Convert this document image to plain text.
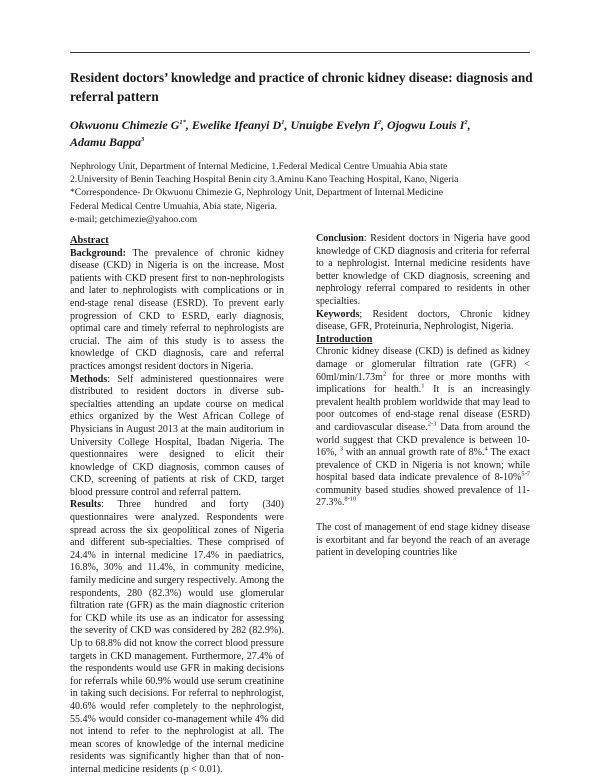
Resident doctors’ knowledge and practice of chronic kidney disease: diagnosis and referral pattern
Okwuonu Chimezie $G^{1*}$, Ewelike Ifeanyi $D^1$, Unuigbe Evelyn $I^2$, Ojogwu Louis $I^2$,
Adamu Bappa$^3$
Nephrology Unit, Department of Internal Medicine, 1.Federal Medical Centre Umuahia Abia state
2.University of Benin Teaching Hospital Benin city 3.Aminu Kano Teaching Hospital, Kano, Nigeria
*Correspondence- Dr Okwuonu Chimezie G, Nephrology Unit, Department of Internal Medicine
Federal Medical Centre Umuahia, Abia state, Nigeria.
e-mail; getchimezie@yahoo.com

Abstract

Background: The prevalence of chronic kidney disease (CKD) in Nigeria is on the increase. Most patients with CKD present first to non-nephrologists and later to nephrologists with complications or in end-stage renal disease (ESRD). To prevent early progression of CKD to ESRD, early diagnosis, optimal care and timely referral to nephrologists are crucial. The aim of this study is to assess the knowledge of CKD diagnosis, care and referral practices amongst resident doctors in Nigeria.

Methods: Self administered questionnaires were distributed to resident doctors in diverse sub-specialties attending an update course on medical ethics organized by the West African College of Physicians in August 2013 at the main auditorium in University College Hospital, Ibadan Nigeria. The questionnaires were designed to elicit their knowledge of CKD diagnosis, common causes of CKD, screening of patients at risk of CKD, target blood pressure control and referral pattern.

Results: Three hundred and forty (340) questionnaires were analyzed. Respondents were spread across the six geopolitical zones of Nigeria and different sub-specialties. These comprised of 24.4% in internal medicine 17.4% in paediatrics, 16.8%, 30% and 11.4%, in community medicine, family medicine and surgery respectively. Among the respondents, 280 (82.3%) would use glomerular filtration rate (GFR) as the main diagnostic criterion for CKD while its use as an indicator for assessing the severity of CKD was considered by 282 (82.9%). Up to 68.8% did not know the correct blood pressure targets in CKD management. Furthermore, 27.4% of the respondents would use GFR in making decisions for referrals while 60.9% would use serum creatinine in taking such decisions. For referral to nephrologist, 40.6% would refer completely to the nephrologist, 55.4% would consider co-management while 4% did not intend to refer to the nephrologist at all. The mean scores of knowledge of the internal medicine residents was significantly higher than that of non-internal medicine residents (p < 0.01).

Conclusion: Resident doctors in Nigeria have good knowledge of CKD diagnosis and criteria for referral to a nephrologist. Internal medicine residents have better knowledge of CKD diagnosis, screening and nephrology referral compared to residents in other specialties.

Keywords; Resident doctors, Chronic kidney disease, GFR, Proteinuria, Nephrologist, Nigeria.

Introduction

Chronic kidney disease (CKD) is defined as kidney damage or glomerular filtration rate $(GFR) < 60ml/\min/1.73m^2$ for three or more months with implications for health.$^1$ It is an increasingly prevalent health problem worldwide that may lead to poor outcomes of end-stage renal disease (ESRD) and cardiovascular disease.$^{2-3}$ Data from around the world suggest that CKD prevalence is between 10-16%, $^3$ with an annual growth rate of 8%.$^4$ The exact prevalence of CKD in Nigeria is not known; while hospital based data indicate prevalence of 8-10%$^{5-7}$ community based studies showed prevalence of 11-27.3%.$^{8-10}$

The cost of management of end stage kidney disease is exorbitant and far beyond the reach of an average patient in developing countries like
